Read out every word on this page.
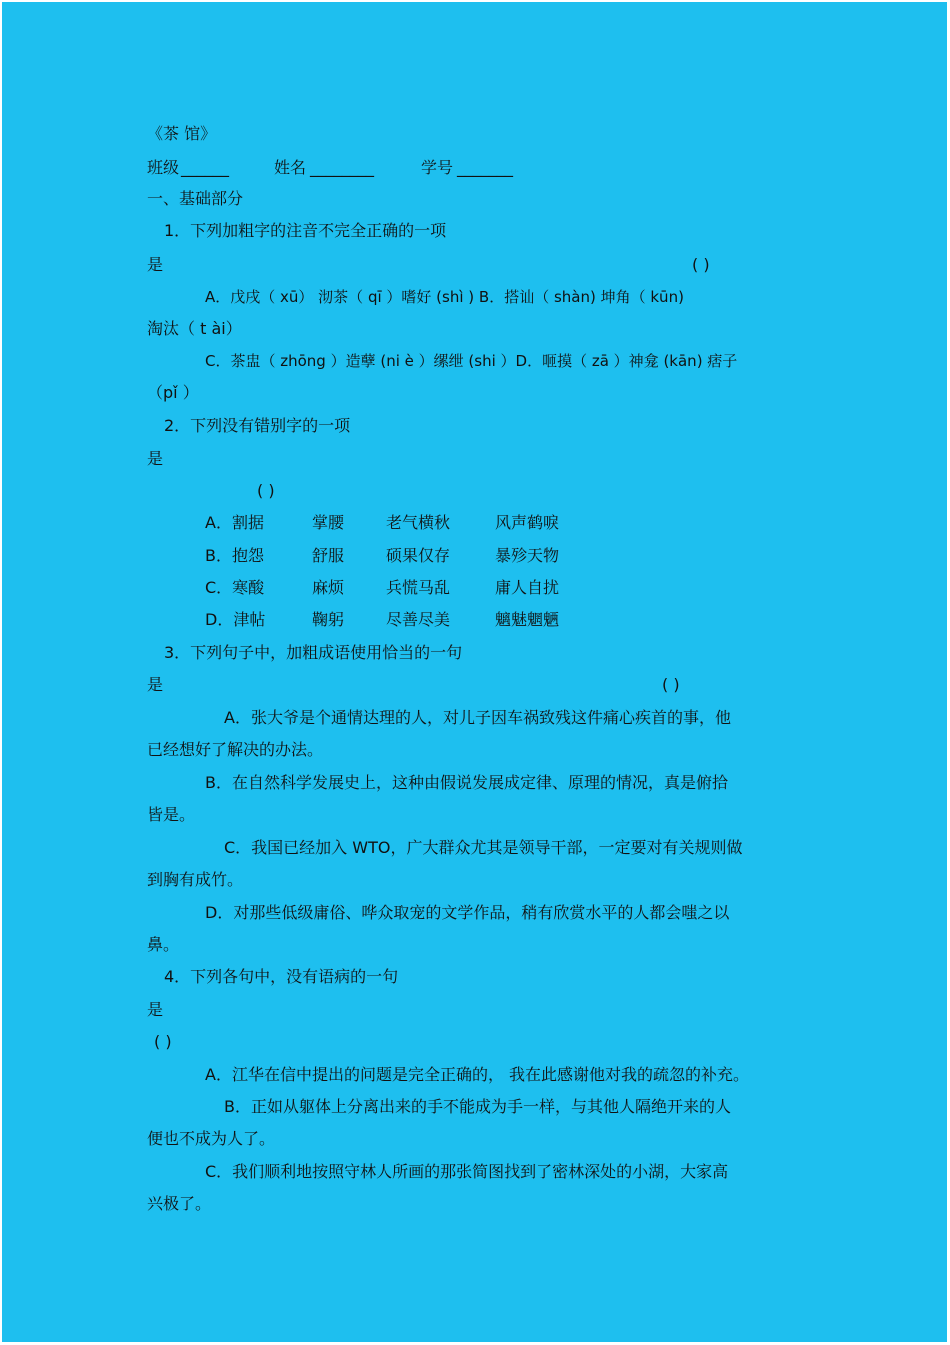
《茶 馆》
班级 ______	姓名 ________	学号 _______
一、基础部分
1．下列加粗字的注音不完全正确的一项
是	( )
A．戊戌（ xū） 沏茶（ qī ）嗜好 (shì ) B．搭讪（ shàn) 坤角（ kūn)
淘汰（ t ài）
C．茶盅（ zhōng ）造孽 (ni è ）缧绁 (shi ）D．咂摸（ zā ）神龛 (kān) 痞子
（pǐ ）
2．下列没有错别字的一项
是
( )
A．割据	掌腰	老气横秋	风声鹤唳
B．抱怨	舒服	硕果仅存	暴殄天物
C．寒酸	麻烦	兵慌马乱	庸人自扰
D．津帖	鞠躬	尽善尽美	魑魅魍魉
3．下列句子中，加粗成语使用恰当的一句
是	( )
A．张大爷是个通情达理的人，对儿子因车祸致残这件痛心疾首的事，他
已经想好了解决的办法。
B．在自然科学发展史上，这种由假说发展成定律、原理的情况，真是俯拾
皆是。
C．我国已经加入 WTO，广大群众尤其是领导干部，一定要对有关规则做
到胸有成竹。
D．对那些低级庸俗、哗众取宠的文学作品，稍有欣赏水平的人都会嗤之以
鼻。
4．下列各句中，没有语病的一句
是
( )
A．江华在信中提出的问题是完全正确的， 我在此感谢他对我的疏忽的补充。
B．正如从躯体上分离出来的手不能成为手一样，与其他人隔绝开来的人
便也不成为人了。
C．我们顺利地按照守林人所画的那张简图找到了密林深处的小湖，大家高
兴极了。
